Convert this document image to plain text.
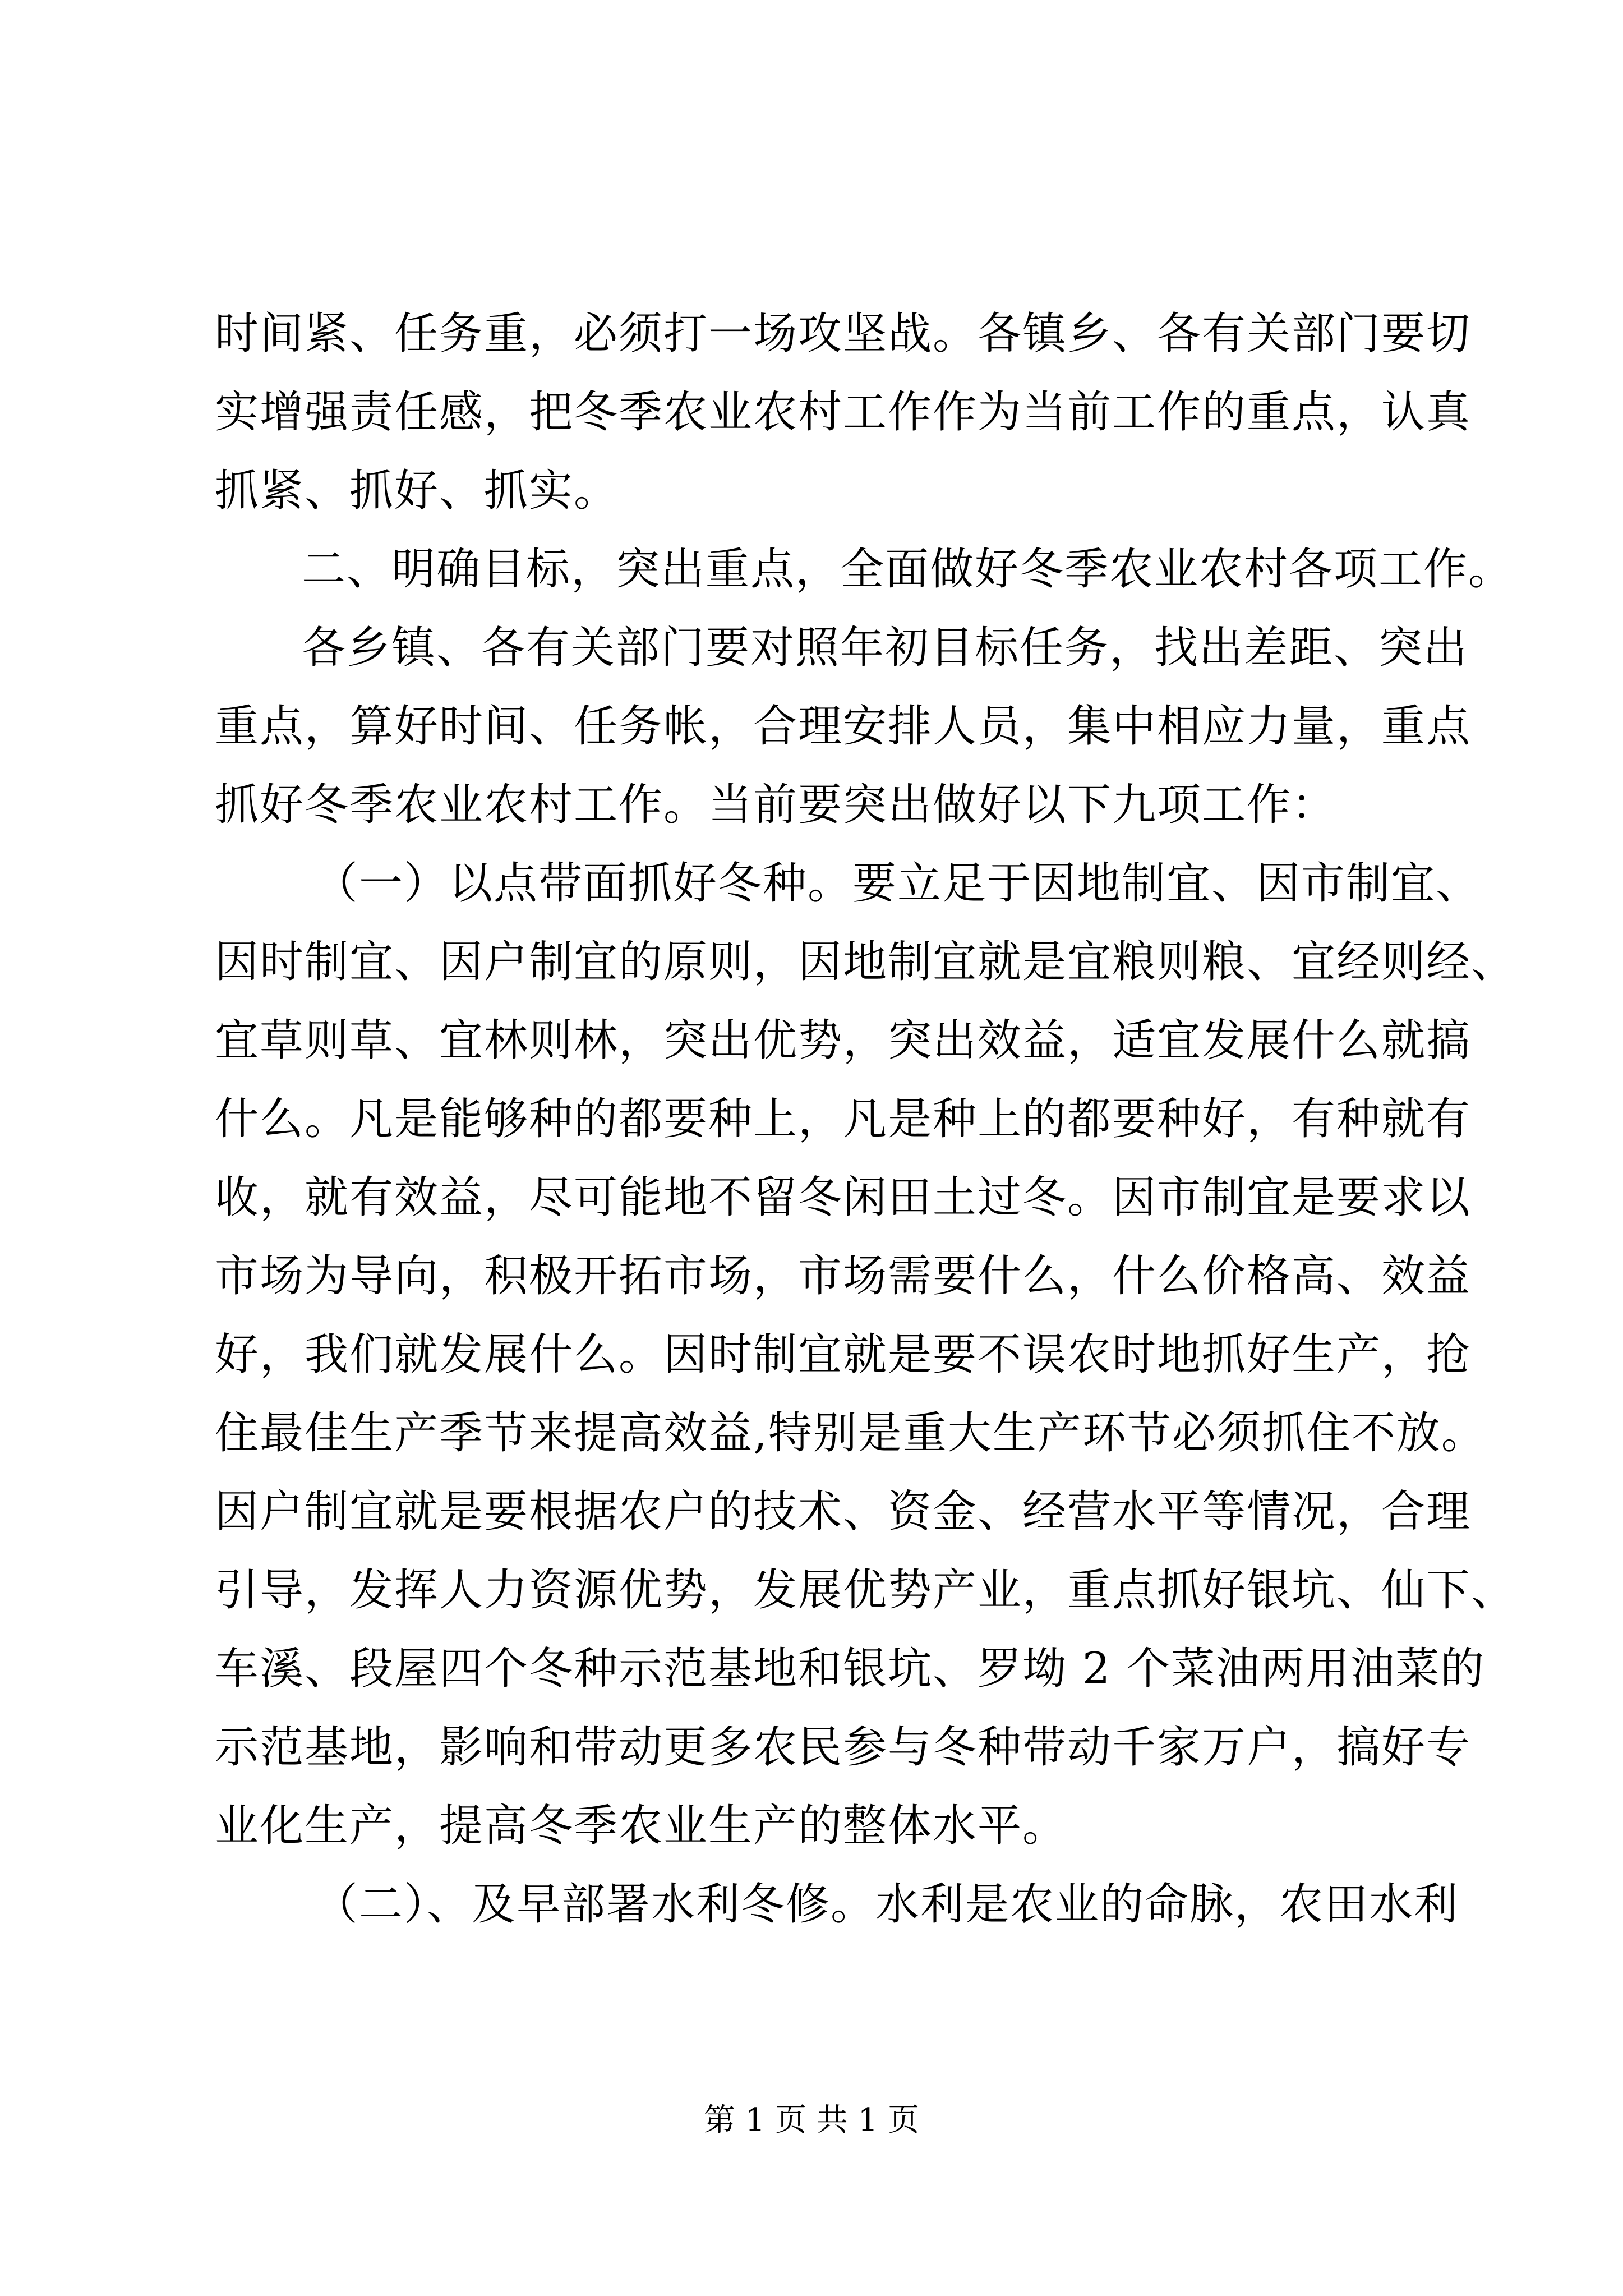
时间紧、任务重，必须打一场攻坚战。各镇乡、各有关部门要切
实增强责任感，把冬季农业农村工作作为当前工作的重点，认真
抓紧、抓好、抓实。
二、明确目标，突出重点，全面做好冬季农业农村各项工作。
各乡镇、各有关部门要对照年初目标任务，找出差距、突出
重点，算好时间、任务帐，合理安排人员，集中相应力量，重点
抓好冬季农业农村工作。当前要突出做好以下九项工作：
（一）以点带面抓好冬种。要立足于因地制宜、因市制宜、
因时制宜、因户制宜的原则，因地制宜就是宜粮则粮、宜经则经、
宜草则草、宜林则林，突出优势，突出效益，适宜发展什么就搞
什么。凡是能够种的都要种上，凡是种上的都要种好，有种就有
收，就有效益，尽可能地不留冬闲田土过冬。因市制宜是要求以
市场为导向，积极开拓市场，市场需要什么，什么价格高、效益
好，我们就发展什么。因时制宜就是要不误农时地抓好生产，抢
住最佳生产季节来提高效益,特别是重大生产环节必须抓住不放。
因户制宜就是要根据农户的技术、资金、经营水平等情况，合理
引导，发挥人力资源优势，发展优势产业，重点抓好银坑、仙下、
车溪、段屋四个冬种示范基地和银坑、罗坳 2 个菜油两用油菜的
示范基地，影响和带动更多农民参与冬种带动千家万户，搞好专
业化生产，提高冬季农业生产的整体水平。
（二）、及早部署水利冬修。水利是农业的命脉，农田水利
第 1 页 共 1 页
